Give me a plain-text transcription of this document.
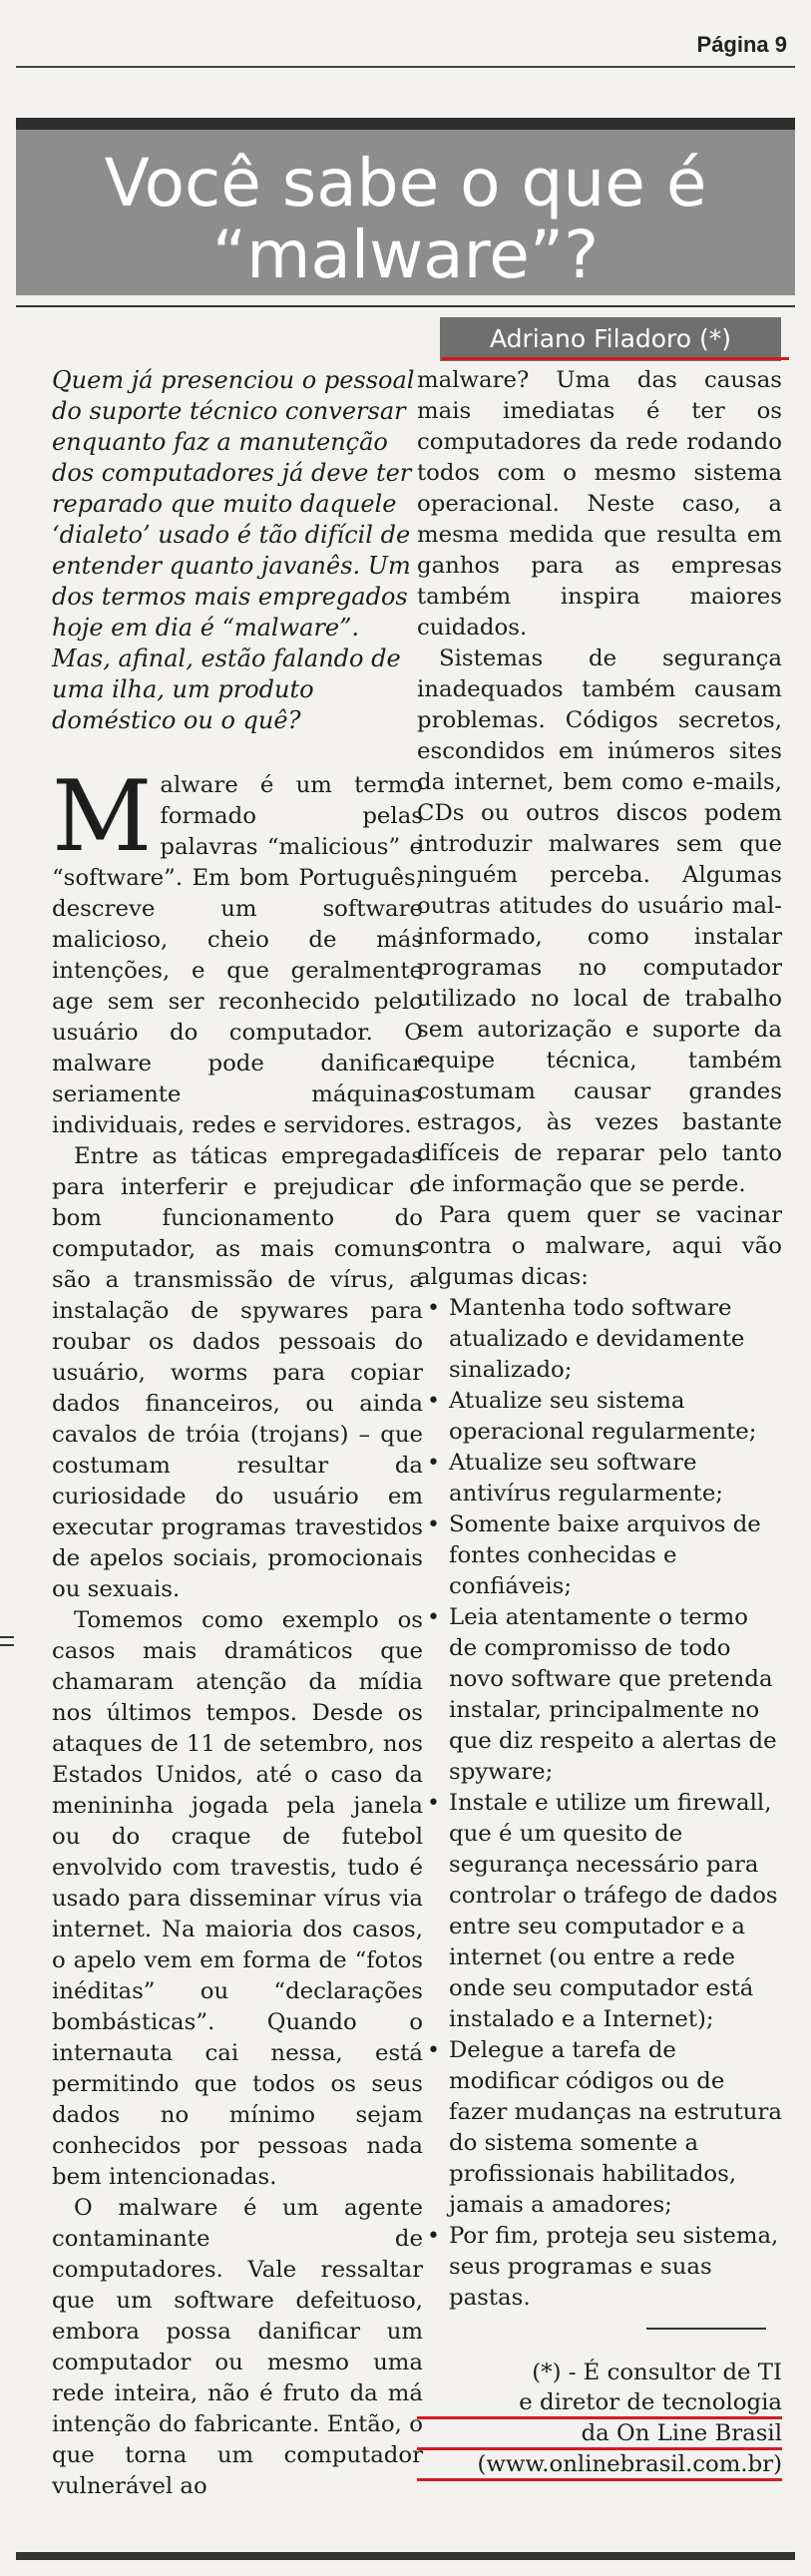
Página 9
Você sabe o que é “malware”?
Adriano Filadoro (*)

Quem já presenciou o pessoal do suporte técnico conversar enquanto faz a manutenção dos computadores já deve ter reparado que muito daquele ‘dialeto’ usado é tão difícil de entender quanto javanês. Um dos termos mais empregados hoje em dia é “malware”. Mas, afinal, estão falando de uma ilha, um produto doméstico ou o quê?

Malware é um termo formado pelas palavras “malicious” e “software”. Em bom Português, descreve um software malicioso, cheio de más intenções, e que geralmente age sem ser reconhecido pelo usuário do computador. O malware pode danificar seriamente máquinas individuais, redes e servidores.

Entre as táticas empregadas para interferir e prejudicar o bom funcionamento do computador, as mais comuns são a transmissão de vírus, a instalação de spywares para roubar os dados pessoais do usuário, worms para copiar dados financeiros, ou ainda cavalos de tróia (trojans) – que costumam resultar da curiosidade do usuário em executar programas travestidos de apelos sociais, promocionais ou sexuais.

Tomemos como exemplo os casos mais dramáticos que chamaram atenção da mídia nos últimos tempos. Desde os ataques de 11 de setembro, nos Estados Unidos, até o caso da menininha jogada pela janela ou do craque de futebol envolvido com travestis, tudo é usado para disseminar vírus via internet. Na maioria dos casos, o apelo vem em forma de “fotos inéditas” ou “declarações bombásticas”. Quando o internauta cai nessa, está permitindo que todos os seus dados no mínimo sejam conhecidos por pessoas nada bem intencionadas.

O malware é um agente contaminante de computadores. Vale ressaltar que um software defeituoso, embora possa danificar um computador ou mesmo uma rede inteira, não é fruto da má intenção do fabricante. Então, o que torna um computador vulnerável ao

malware? Uma das causas mais imediatas é ter os computadores da rede rodando todos com o mesmo sistema operacional. Neste caso, a mesma medida que resulta em ganhos para as empresas também inspira maiores cuidados.

Sistemas de segurança inadequados também causam problemas. Códigos secretos, escondidos em inúmeros sites da internet, bem como e-mails, CDs ou outros discos podem introduzir malwares sem que ninguém perceba. Algumas outras atitudes do usuário mal-informado, como instalar programas no computador utilizado no local de trabalho sem autorização e suporte da equipe técnica, também costumam causar grandes estragos, às vezes bastante difíceis de reparar pelo tanto de informação que se perde.

Para quem quer se vacinar contra o malware, aqui vão algumas dicas:

• Mantenha todo software atualizado e devidamente sinalizado;
• Atualize seu sistema operacional regularmente;
• Atualize seu software antivírus regularmente;
• Somente baixe arquivos de fontes conhecidas e confiáveis;
• Leia atentamente o termo de compromisso de todo novo software que pretenda instalar, principalmente no que diz respeito a alertas de spyware;
• Instale e utilize um firewall, que é um quesito de segurança necessário para controlar o tráfego de dados entre seu computador e a internet (ou entre a rede onde seu computador está instalado e a Internet);
• Delegue a tarefa de modificar códigos ou de fazer mudanças na estrutura do sistema somente a profissionais habilitados, jamais a amadores;
• Por fim, proteja seu sistema, seus programas e suas pastas.
(*) - É consultor de TI
e diretor de tecnologia
da On Line Brasil
(www.onlinebrasil.com.br)
